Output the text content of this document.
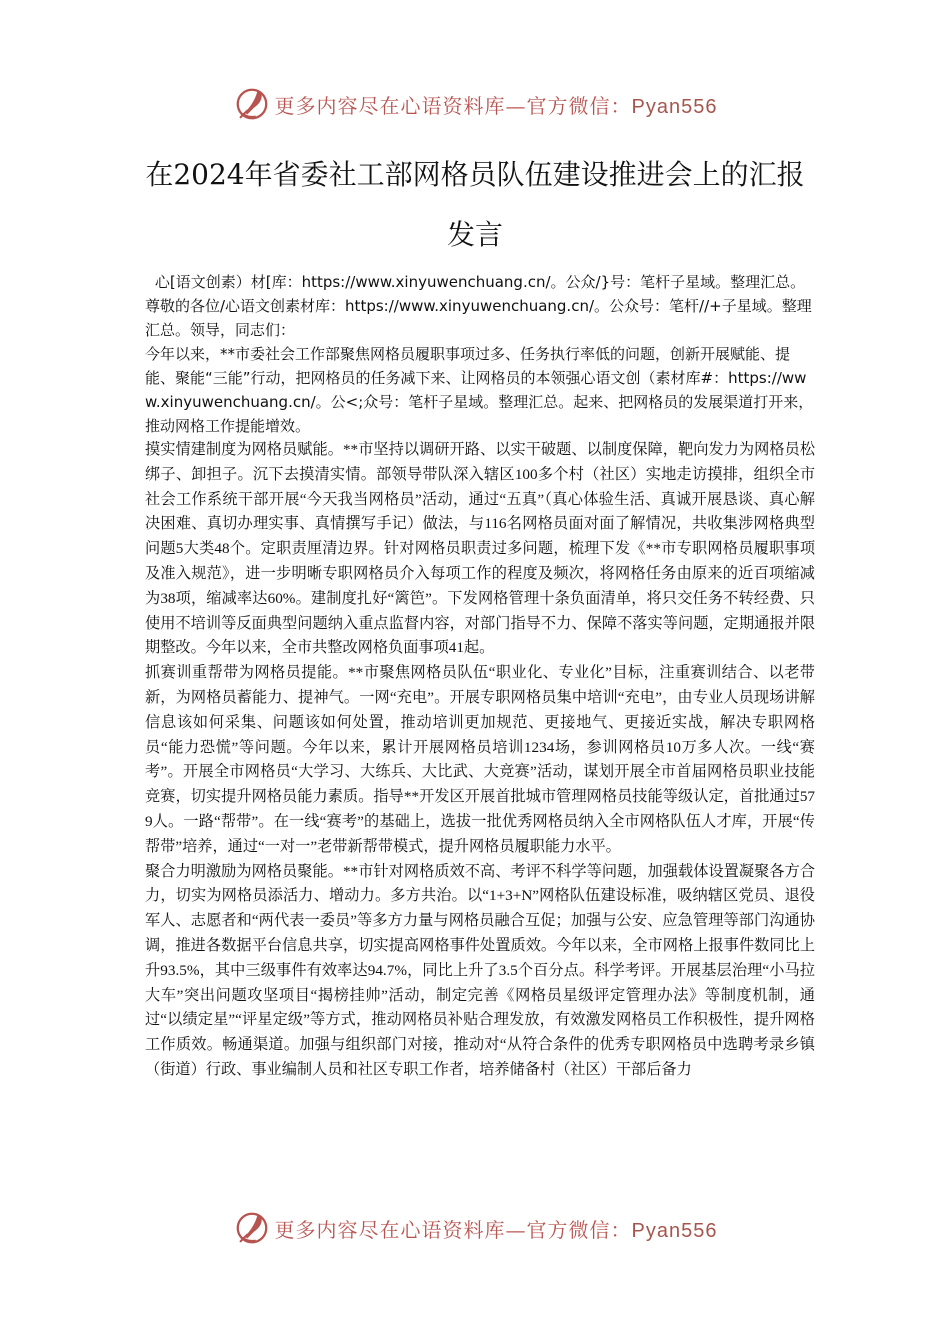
更多内容尽在心语资料库—官方微信：Pyan556
在2024年省委社工部网格员队伍建设推进会上的汇报发言

心[语文创素）材[库：https://www.xinyuwenchuang.cn/。公众/}号：笔杆子星域。整理汇总。

尊敬的各位/心语文创素材库：https://www.xinyuwenchuang.cn/。公众号：笔杆//+子星域。整理汇总。领导，同志们：

今年以来，**市委社会工作部聚焦网格员履职事项过多、任务执行率低的问题，创新开展赋能、提能、聚能“三能”行动，把网格员的任务减下来、让网格员的本领强心语文创（素材库#：https://www.xinyuwenchuang.cn/。公<;众号：笔杆子星域。整理汇总。起来、把网格员的发展渠道打开来，推动网格工作提能增效。

摸实情建制度为网格员赋能。**市坚持以调研开路、以实干破题、以制度保障，靶向发力为网格员松绑子、卸担子。沉下去摸清实情。部领导带队深入辖区100多个村（社区）实地走访摸排，组织全市社会工作系统干部开展“今天我当网格员”活动，通过“五真”（真心体验生活、真诚开展恳谈、真心解决困难、真切办理实事、真情撰写手记）做法，与116名网格员面对面了解情况，共收集涉网格典型问题5大类48个。定职责厘清边界。针对网格员职责过多问题，梳理下发《**市专职网格员履职事项及准入规范》，进一步明晰专职网格员介入每项工作的程度及频次，将网格任务由原来的近百项缩减为38项，缩减率达60%。建制度扎好“篱笆”。下发网格管理十条负面清单，将只交任务不转经费、只使用不培训等反面典型问题纳入重点监督内容，对部门指导不力、保障不落实等问题，定期通报并限期整改。今年以来，全市共整改网格负面事项41起。

抓赛训重帮带为网格员提能。**市聚焦网格员队伍“职业化、专业化”目标，注重赛训结合、以老带新，为网格员蓄能力、提神气。一网“充电”。开展专职网格员集中培训“充电”，由专业人员现场讲解信息该如何采集、问题该如何处置，推动培训更加规范、更接地气、更接近实战，解决专职网格员“能力恐慌”等问题。今年以来，累计开展网格员培训1234场，参训网格员10万多人次。一线“赛考”。开展全市网格员“大学习、大练兵、大比武、大竞赛”活动，谋划开展全市首届网格员职业技能竞赛，切实提升网格员能力素质。指导**开发区开展首批城市管理网格员技能等级认定，首批通过579人。一路“帮带”。在一线“赛考”的基础上，选拔一批优秀网格员纳入全市网格队伍人才库，开展“传帮带”培养，通过“一对一”老带新帮带模式，提升网格员履职能力水平。

聚合力明激励为网格员聚能。**市针对网格质效不高、考评不科学等问题，加强载体设置凝聚各方合力，切实为网格员添活力、增动力。多方共治。以“1+3+N”网格队伍建设标准，吸纳辖区党员、退役军人、志愿者和“两代表一委员”等多方力量与网格员融合互促；加强与公安、应急管理等部门沟通协调，推进各数据平台信息共享，切实提高网格事件处置质效。今年以来，全市网格上报事件数同比上升93.5%，其中三级事件有效率达94.7%，同比上升了3.5个百分点。科学考评。开展基层治理“小马拉大车”突出问题攻坚项目“揭榜挂帅”活动，制定完善《网格员星级评定管理办法》等制度机制，通过“以绩定星”“评星定级”等方式，推动网格员补贴合理发放，有效激发网格员工作积极性，提升网格工作质效。畅通渠道。加强与组织部门对接，推动对“从符合条件的优秀专职网格员中选聘考录乡镇（街道）行政、事业编制人员和社区专职工作者，培养储备村（社区）干部后备力

更多内容尽在心语资料库—官方微信：Pyan556
